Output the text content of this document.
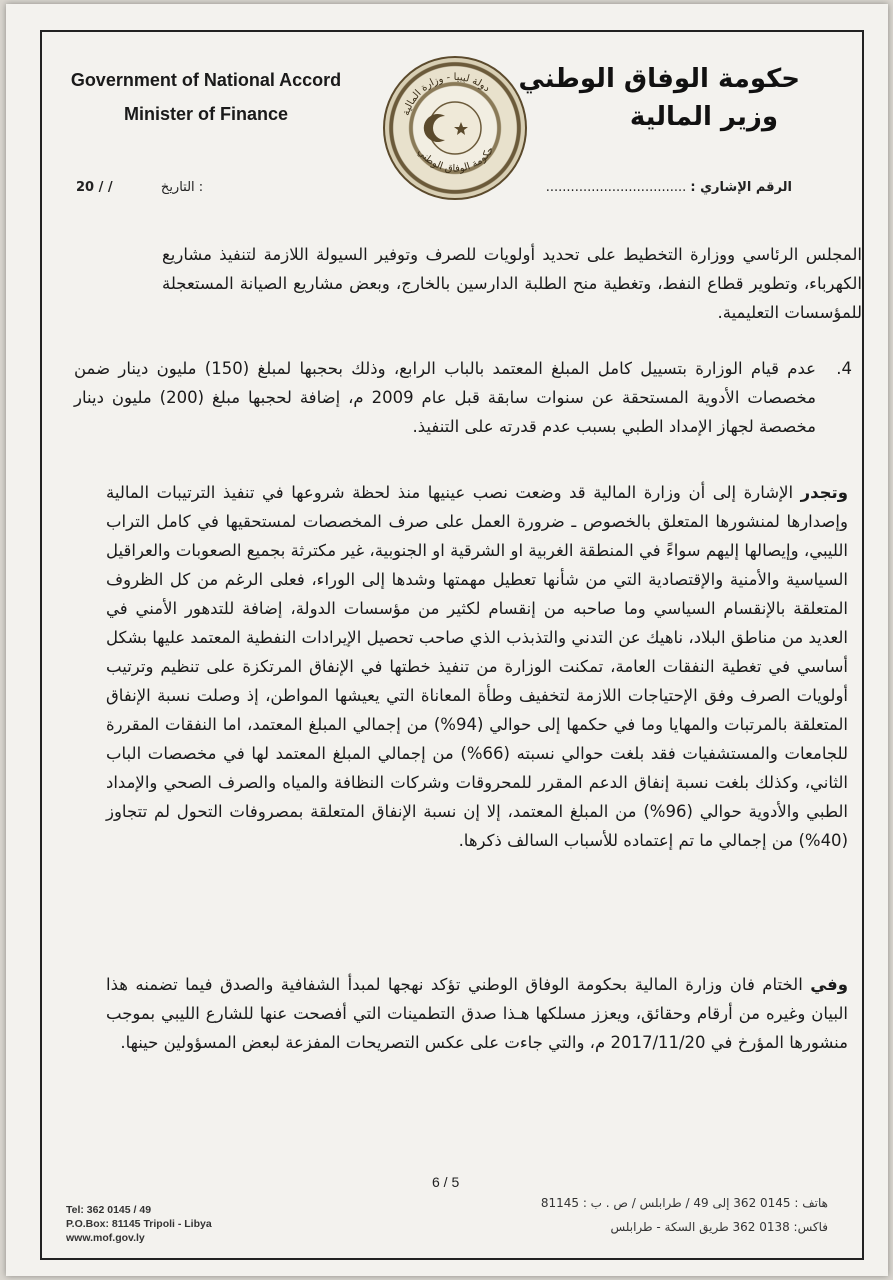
Government of National Accord
Minister of Finance
حكومة الوفاق الوطني
وزير المالية
دولة ليبيا - وزارة المالية
حكومة الوفاق الوطني
الرقم الإشاري : ..................................
20 / /	التاريخ :

المجلس الرئاسي ووزارة التخطيط على تحديد أولويات للصرف وتوفير السيولة اللازمة لتنفيذ مشاريع الكهرباء، وتطوير قطاع النفط، وتغطية منح الطلبة الدارسين بالخارج، وبعض مشاريع الصيانة المستعجلة للمؤسسات التعليمية.

4.
عدم قيام الوزارة بتسييل كامل المبلغ المعتمد بالباب الرابع، وذلك بحجبها لمبلغ (150) مليون دينار ضمن مخصصات الأدوية المستحقة عن سنوات سابقة قبل عام 2009 م، إضافة لحجبها مبلغ (200) مليون دينار مخصصة لجهاز الإمداد الطبي بسبب عدم قدرته على التنفيذ.

وتجدر الإشارة إلى أن وزارة المالية قد وضعت نصب عينيها منذ لحظة شروعها في تنفيذ الترتيبات المالية وإصدارها لمنشورها المتعلق بالخصوص ـ ضرورة العمل على صرف المخصصات لمستحقيها في كامل التراب الليبي، وإيصالها إليهم سواءً في المنطقة الغربية او الشرقية او الجنوبية، غير مكترثة بجميع الصعوبات والعراقيل السياسية والأمنية والإقتصادية التي من شأنها تعطيل مهمتها وشدها إلى الوراء، فعلى الرغم من كل الظروف المتعلقة بالإنقسام السياسي وما صاحبه من إنقسام لكثير من مؤسسات الدولة، إضافة للتدهور الأمني في العديد من مناطق البلاد، ناهيك عن التدني والتذبذب الذي صاحب تحصيل الإيرادات النفطية المعتمد عليها بشكل أساسي في تغطية النفقات العامة، تمكنت الوزارة من تنفيذ خطتها في الإنفاق المرتكزة على تنظيم وترتيب أولويات الصرف وفق الإحتياجات اللازمة لتخفيف وطأة المعاناة التي يعيشها المواطن، إذ وصلت نسبة الإنفاق المتعلقة بالمرتبات والمهايا وما في حكمها إلى حوالي (94%) من إجمالي المبلغ المعتمد، اما النفقات المقررة للجامعات والمستشفيات فقد بلغت حوالي نسبته (66%) من إجمالي المبلغ المعتمد لها في مخصصات الباب الثاني، وكذلك بلغت نسبة إنفاق الدعم المقرر للمحروقات وشركات النظافة والمياه والصرف الصحي والإمداد الطبي والأدوية حوالي (96%) من المبلغ المعتمد، إلا إن نسبة الإنفاق المتعلقة بمصروفات التحول لم تتجاوز (40%) من إجمالي ما تم إعتماده للأسباب السالف ذكرها.

وفي الختام فان وزارة المالية بحكومة الوفاق الوطني تؤكد نهجها لمبدأ الشفافية والصدق فيما تضمنه هذا البيان وغيره من أرقام وحقائق، ويعزز مسلكها هـذا صدق التطمينات التي أفصحت عنها للشارع الليبي بموجب منشورها المؤرخ في 2017/11/20 م، والتي جاءت على عكس التصريحات المفزعة لبعض المسؤولين حينها.

6 / 5
Tel: 362 0145 / 49
P.O.Box: 81145 Tripoli - Libya
www.mof.gov.ly
هاتف : 0145 362 إلى 49 / طرابلس / ص . ب : 81145
فاكس: 0138 362 طريق السكة - طرابلس
